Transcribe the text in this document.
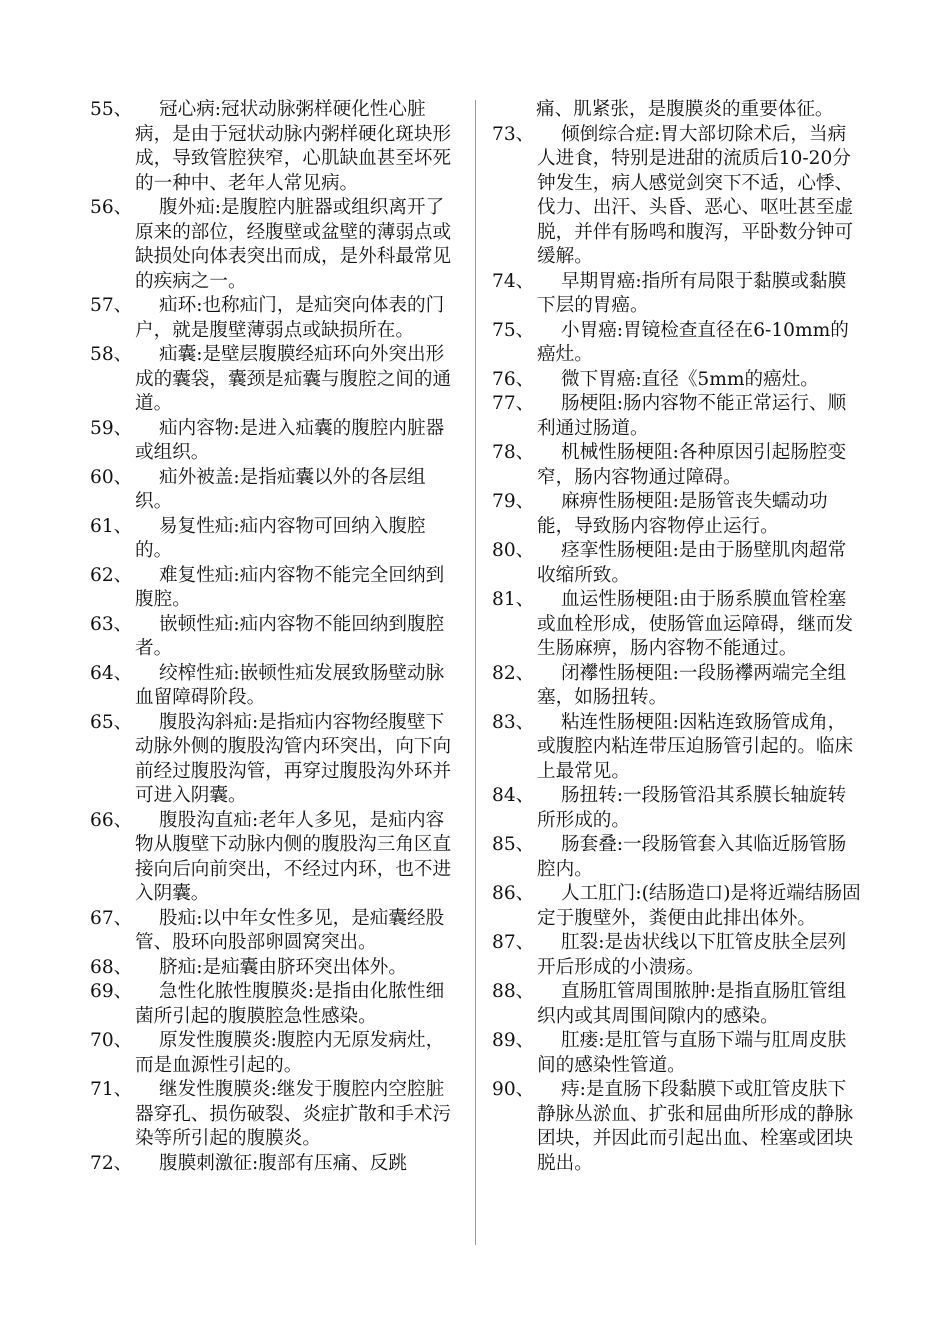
55、	冠心病:冠状动脉粥样硬化性心脏病，是由于冠状动脉内粥样硬化斑块形成，导致管腔狭窄，心肌缺血甚至坏死的一种中、老年人常见病。
56、	腹外疝:是腹腔内脏器或组织离开了原来的部位，经腹壁或盆壁的薄弱点或缺损处向体表突出而成，是外科最常见的疾病之一。
57、	疝环:也称疝门，是疝突向体表的门户，就是腹壁薄弱点或缺损所在。
58、	疝囊:是壁层腹膜经疝环向外突出形成的囊袋，囊颈是疝囊与腹腔之间的通道。
59、	疝内容物:是进入疝囊的腹腔内脏器或组织。
60、	疝外被盖:是指疝囊以外的各层组织。
61、	易复性疝:疝内容物可回纳入腹腔的。
62、	难复性疝:疝内容物不能完全回纳到腹腔。
63、	嵌顿性疝:疝内容物不能回纳到腹腔者。
64、	绞榨性疝:嵌顿性疝发展致肠壁动脉血留障碍阶段。
65、	腹股沟斜疝:是指疝内容物经腹壁下动脉外侧的腹股沟管内环突出，向下向前经过腹股沟管，再穿过腹股沟外环并可进入阴囊。
66、	腹股沟直疝:老年人多见，是疝内容物从腹壁下动脉内侧的腹股沟三角区直接向后向前突出，不经过内环，也不进入阴囊。
67、	股疝:以中年女性多见，是疝囊经股管、股环向股部卵圆窝突出。
68、	脐疝:是疝囊由脐环突出体外。
69、	急性化脓性腹膜炎:是指由化脓性细菌所引起的腹膜腔急性感染。
70、	原发性腹膜炎:腹腔内无原发病灶，而是血源性引起的。
71、	继发性腹膜炎:继发于腹腔内空腔脏器穿孔、损伤破裂、炎症扩散和手术污染等所引起的腹膜炎。
72、	腹膜刺激征:腹部有压痛、反跳
痛、肌紧张，是腹膜炎的重要体征。
73、	倾倒综合症:胃大部切除术后，当病人进食，特别是进甜的流质后10-20分钟发生，病人感觉剑突下不适，心悸、伐力、出汗、头昏、恶心、呕吐甚至虚脱，并伴有肠鸣和腹泻，平卧数分钟可缓解。
74、	早期胃癌:指所有局限于黏膜或黏膜下层的胃癌。
75、	小胃癌:胃镜检查直径在6-10mm的癌灶。
76、	微下胃癌:直径《5mm的癌灶。
77、	肠梗阻:肠内容物不能正常运行、顺利通过肠道。
78、	机械性肠梗阻:各种原因引起肠腔变窄，肠内容物通过障碍。
79、	麻痹性肠梗阻:是肠管丧失蠕动功能，导致肠内容物停止运行。
80、	痉挛性肠梗阻:是由于肠壁肌肉超常收缩所致。
81、	血运性肠梗阻:由于肠系膜血管栓塞或血栓形成，使肠管血运障碍，继而发生肠麻痹，肠内容物不能通过。
82、	闭襻性肠梗阻:一段肠襻两端完全组塞，如肠扭转。
83、	粘连性肠梗阻:因粘连致肠管成角，或腹腔内粘连带压迫肠管引起的。临床上最常见。
84、	肠扭转:一段肠管沿其系膜长轴旋转所形成的。
85、	肠套叠:一段肠管套入其临近肠管肠腔内。
86、	人工肛门:(结肠造口)是将近端结肠固定于腹壁外，粪便由此排出体外。
87、	肛裂:是齿状线以下肛管皮肤全层列开后形成的小溃疡。
88、	直肠肛管周围脓肿:是指直肠肛管组织内或其周围间隙内的感染。
89、	肛瘘:是肛管与直肠下端与肛周皮肤间的感染性管道。
90、	痔:是直肠下段黏膜下或肛管皮肤下静脉丛淤血、扩张和屈曲所形成的静脉团块，并因此而引起出血、栓塞或团块脱出。
